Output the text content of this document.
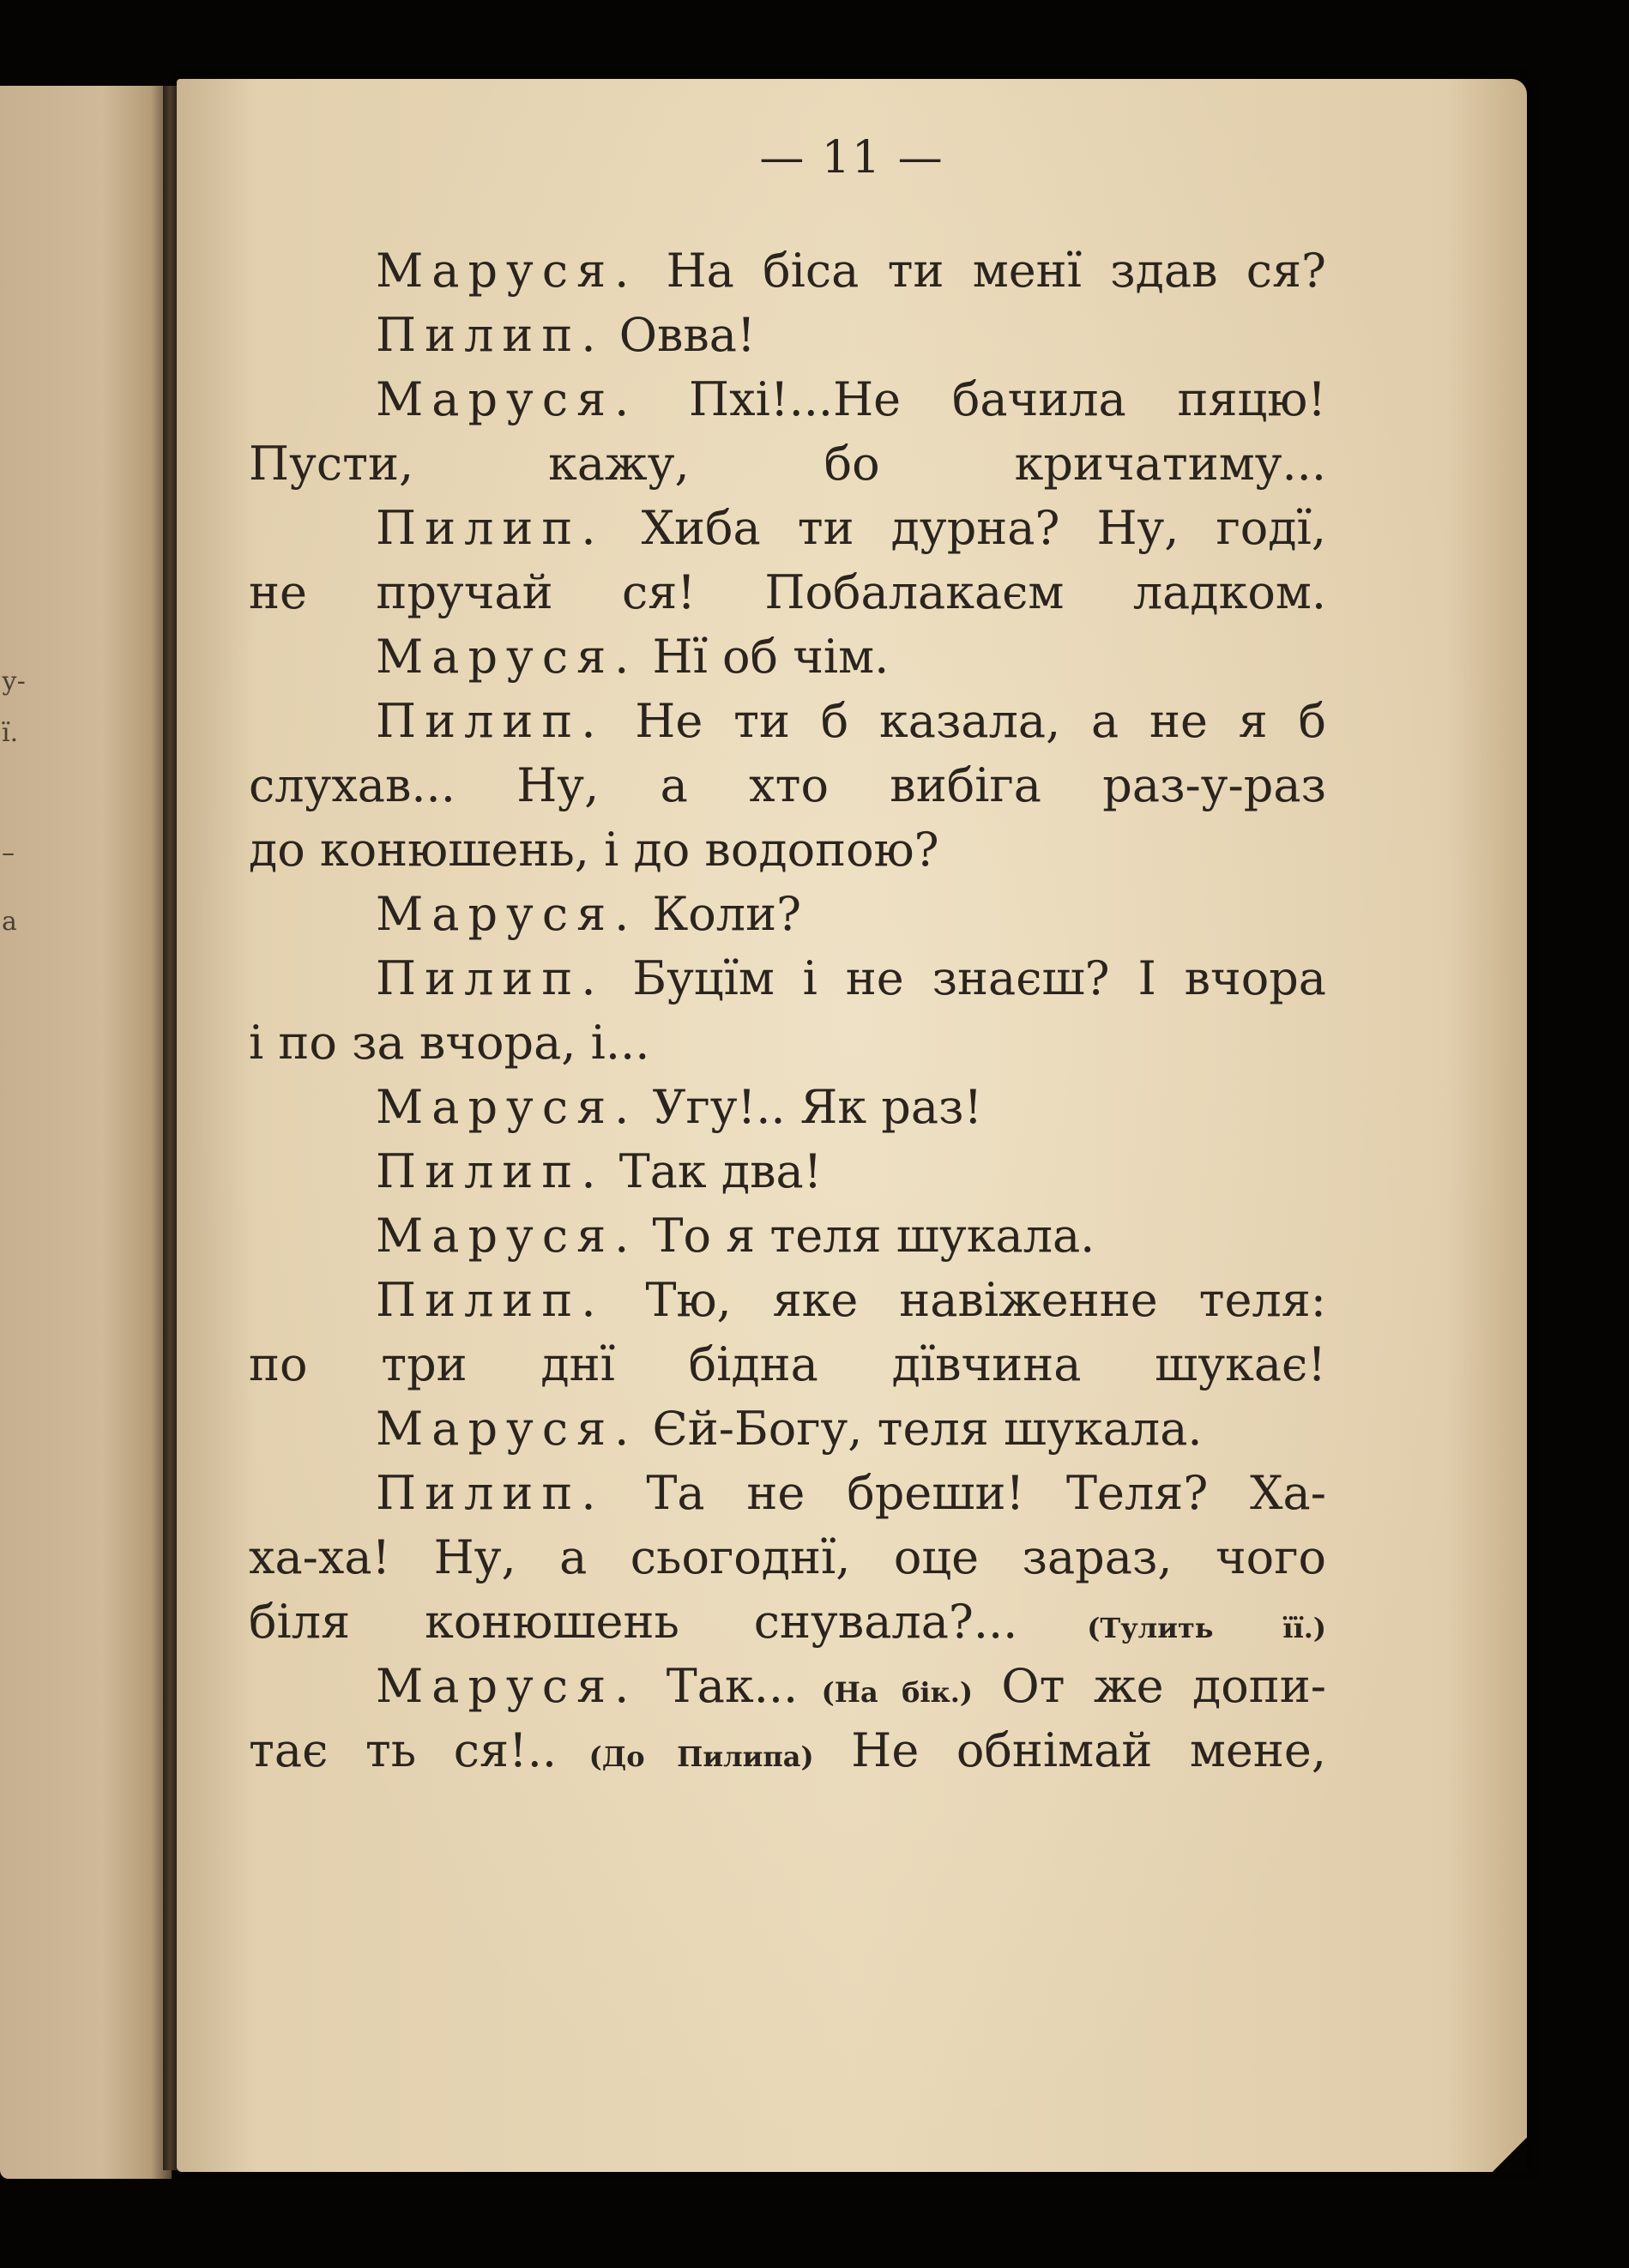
у-
ї.
–
а
— 11 —
Маруся. На біса ти менї здав ся?
Пилип. Овва!
Маруся. Пхі!...Не бачила пяцю!
Пусти, кажу, бо кричатиму...
Пилип. Хиба ти дурна? Ну, годї,
не пручай ся! Побалакаєм ладком.
Маруся. Нї об чім.
Пилип. Не ти б казала, а не я б
слухав... Ну, а хто вибіга раз-у-раз
до конюшень, і до водопою?
Маруся. Коли?
Пилип. Буцїм і не знаєш? І вчора
і по за вчора, і...
Маруся. Угу!.. Як раз!
Пилип. Так два!
Маруся. То я теля шукала.
Пилип. Тю, яке навіженне теля:
по три днї бідна дївчина шукає!
Маруся. Єй-Богу, теля шукала.
Пилип. Та не бреши! Теля? Ха-
ха-ха! Ну, а сьогоднї, оце зараз, чого
біля конюшень снувала?... (Тулить її.)
Маруся. Так... (На бік.) От же допи-
тає ть ся!.. (До Пилипа) Не обнімай мене,
